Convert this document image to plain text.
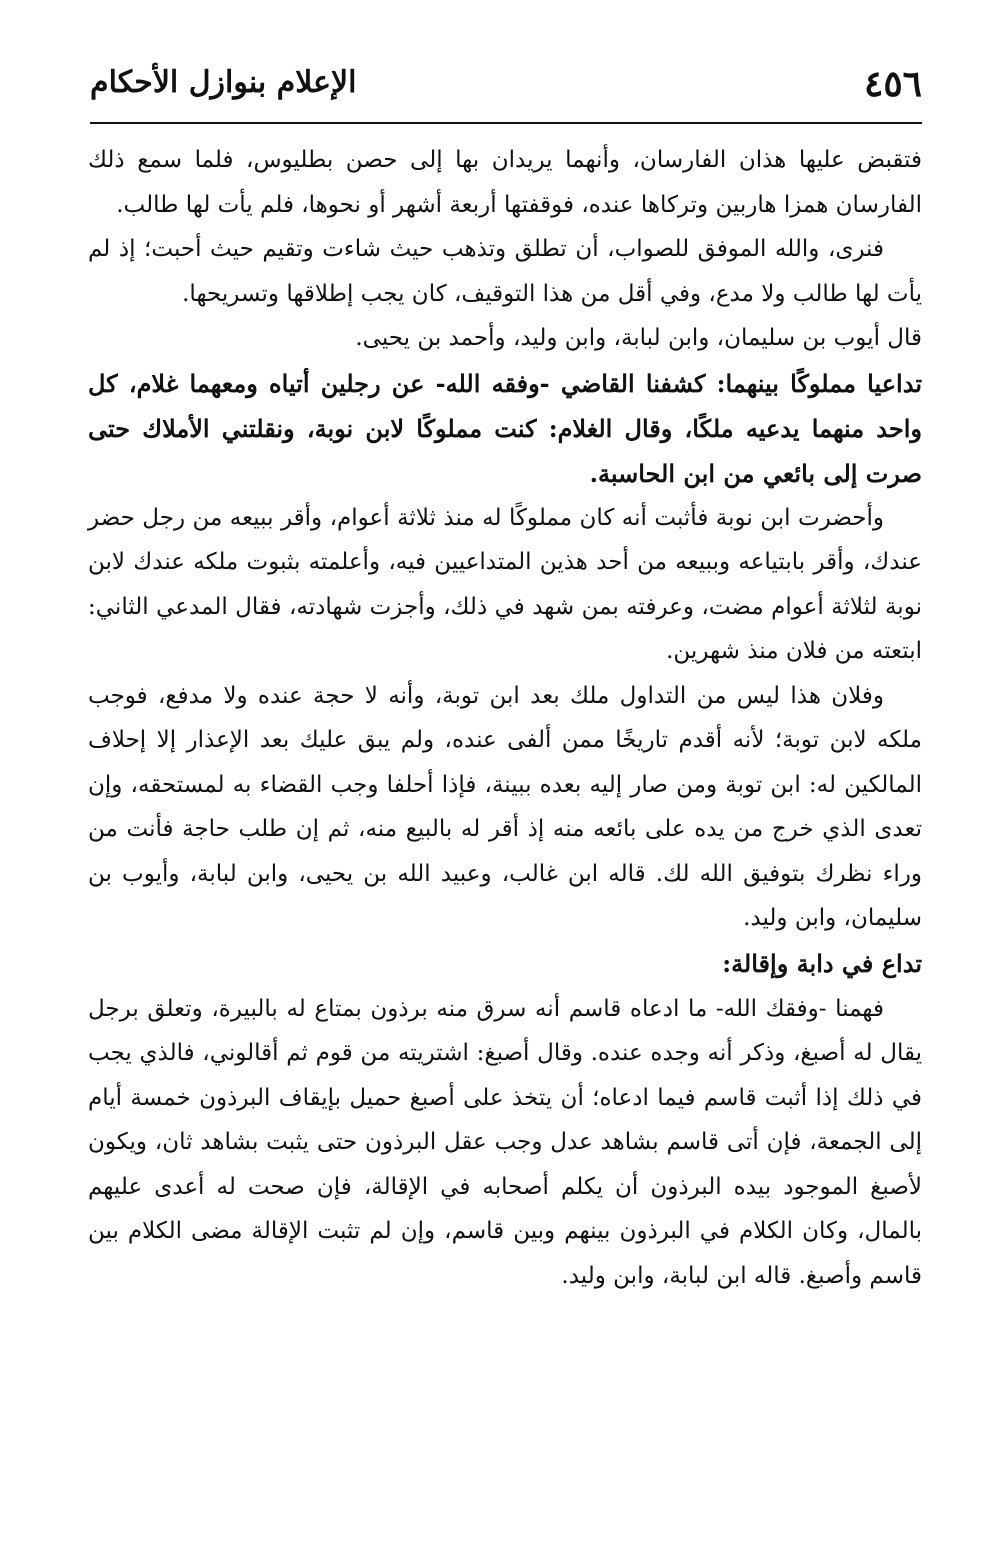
٤٥٦
الإعلام بنوازل الأحكام

فتقبض عليها هذان الفارسان، وأنهما يريدان بها إلى حصن بطليوس، فلما سمع ذلك الفارسان همزا هاربين وتركاها عنده، فوقفتها أربعة أشهر أو نحوها، فلم يأت لها طالب.

فنرى، والله الموفق للصواب، أن تطلق وتذهب حيث شاءت وتقيم حيث أحبت؛ إذ لم يأت لها طالب ولا مدع، وفي أقل من هذا التوقيف، كان يجب إطلاقها وتسريحها.

قال أيوب بن سليمان، وابن لبابة، وابن وليد، وأحمد بن يحيى.

تداعيا مملوكًا بينهما: كشفنا القاضي -وفقه الله- عن رجلين أتياه ومعهما غلام، كل واحد منهما يدعيه ملكًا، وقال الغلام: كنت مملوكًا لابن نوبة، ونقلتني الأملاك حتى صرت إلى بائعي من ابن الحاسبة.

وأحضرت ابن نوبة فأثبت أنه كان مملوكًا له منذ ثلاثة أعوام، وأقر ببيعه من رجل حضر عندك، وأقر بابتياعه وببيعه من أحد هذين المتداعيين فيه، وأعلمته بثبوت ملكه عندك لابن نوبة لثلاثة أعوام مضت، وعرفته بمن شهد في ذلك، وأجزت شهادته، فقال المدعي الثاني: ابتعته من فلان منذ شهرين.

وفلان هذا ليس من التداول ملك بعد ابن توبة، وأنه لا حجة عنده ولا مدفع، فوجب ملكه لابن توبة؛ لأنه أقدم تاريخًا ممن ألفى عنده، ولم يبق عليك بعد الإعذار إلا إحلاف المالكين له: ابن توبة ومن صار إليه بعده ببينة، فإذا أحلفا وجب القضاء به لمستحقه، وإن تعدى الذي خرج من يده على بائعه منه إذ أقر له بالبيع منه، ثم إن طلب حاجة فأنت من وراء نظرك بتوفيق الله لك. قاله ابن غالب، وعبيد الله بن يحيى، وابن لبابة، وأيوب بن سليمان، وابن وليد.

تداع في دابة وإقالة:

فهمنا -وفقك الله- ما ادعاه قاسم أنه سرق منه برذون بمتاع له بالبيرة، وتعلق برجل يقال له أصبغ، وذكر أنه وجده عنده. وقال أصبغ: اشتريته من قوم ثم أقالوني، فالذي يجب في ذلك إذا أثبت قاسم فيما ادعاه؛ أن يتخذ على أصبغ حميل بإيقاف البرذون خمسة أيام إلى الجمعة، فإن أتى قاسم بشاهد عدل وجب عقل البرذون حتى يثبت بشاهد ثان، ويكون لأصبغ الموجود بيده البرذون أن يكلم أصحابه في الإقالة، فإن صحت له أعدى عليهم بالمال، وكان الكلام في البرذون بينهم وبين قاسم، وإن لم تثبت الإقالة مضى الكلام بين قاسم وأصبغ. قاله ابن لبابة، وابن وليد.
